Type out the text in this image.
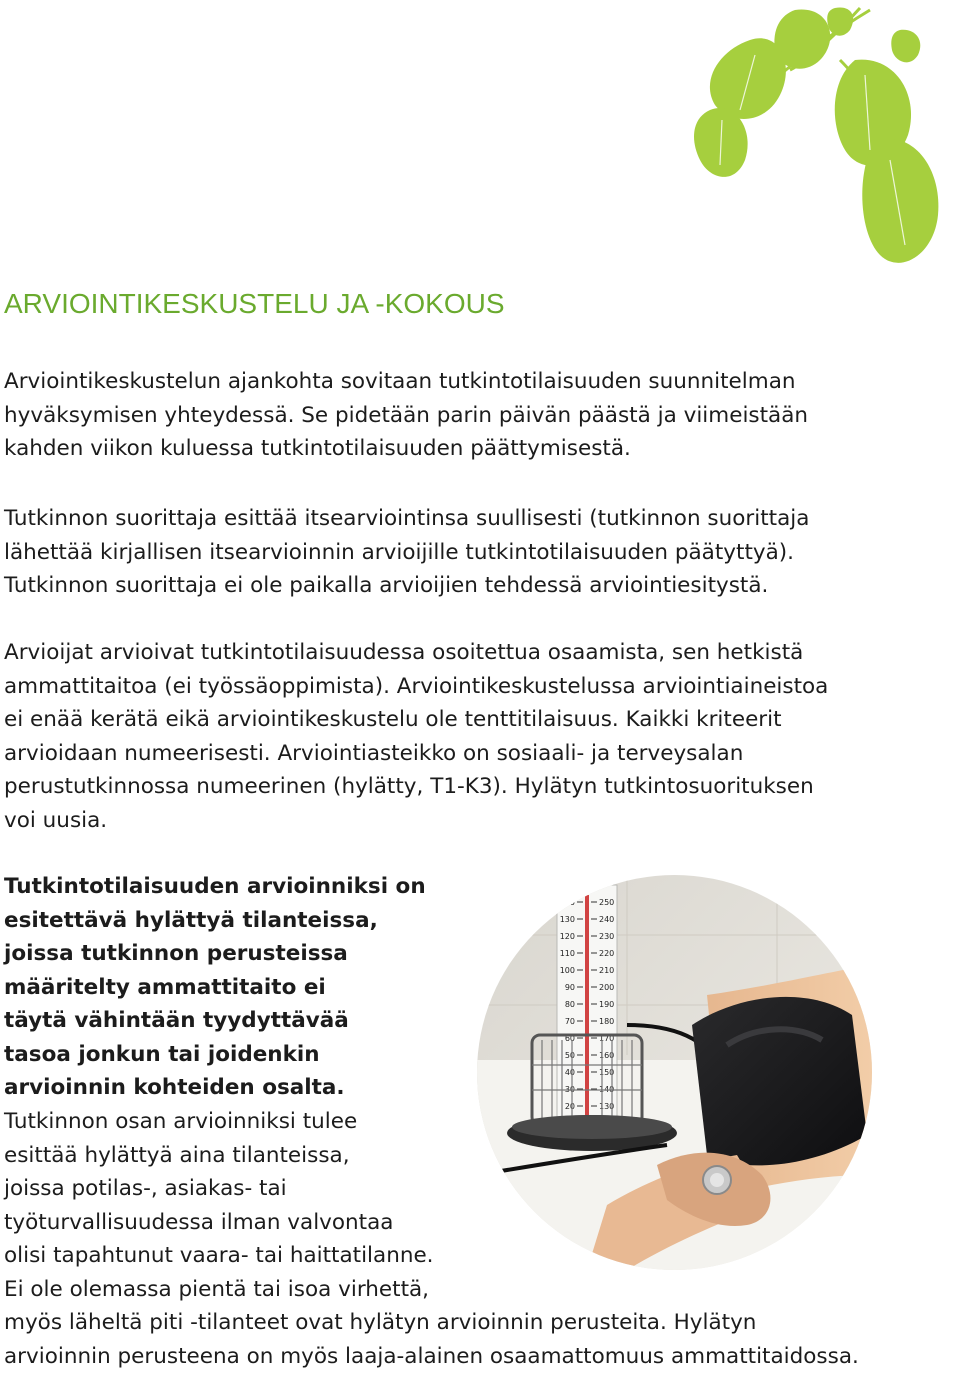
ARVIOINTIKESKUSTELU JA -KOKOUS
Arviointikeskustelun ajankohta sovitaan tutkintotilaisuuden suunnitelman
hyväksymisen yhteydessä. Se pidetään parin päivän päästä ja viimeistään
kahden viikon kuluessa tutkintotilaisuuden päättymisestä.
Tutkinnon suorittaja esittää itsearviointinsa suullisesti (tutkinnon suorittaja
lähettää kirjallisen itsearvioinnin arvioijille tutkintotilaisuuden päätyttyä).
Tutkinnon suorittaja ei ole paikalla arvioijien tehdessä arviointiesitystä.
Arvioijat arvioivat tutkintotilaisuudessa osoitettua osaamista, sen hetkistä
ammattitaitoa (ei työssäoppimista). Arviointikeskustelussa arviointiaineistoa
ei enää kerätä eikä arviointikeskustelu ole tenttitilaisuus. Kaikki kriteerit
arvioidaan numeerisesti. Arviointiasteikko on sosiaali- ja terveysalan
perustutkinnossa numeerinen (hylätty, T1-K3). Hylätyn tutkintosuorituksen
voi uusia.
Tutkintotilaisuuden arvioinniksi on
esitettävä hylättyä tilanteissa,
joissa tutkinnon perusteissa
määritelty ammattitaito ei
täytä vähintään tyydyttävää
tasoa jonkun tai joidenkin
arvioinnin kohteiden osalta.
Tutkinnon osan arvioinniksi tulee
esittää hylättyä aina tilanteissa,
joissa potilas-, asiakas- tai
työturvallisuudessa ilman valvontaa
olisi tapahtunut vaara- tai haittatilanne.
Ei ole olemassa pientä tai isoa virhettä,
myös läheltä piti -tilanteet ovat hylätyn arvioinnin perusteita. Hylätyn
arvioinnin perusteena on myös laaja-alainen osaamattomuus ammattitaidossa.
140
130
120
110
100
90
80
70
60
50
40
30
20
250
240
230
220
210
200
190
180
170
160
150
140
130
